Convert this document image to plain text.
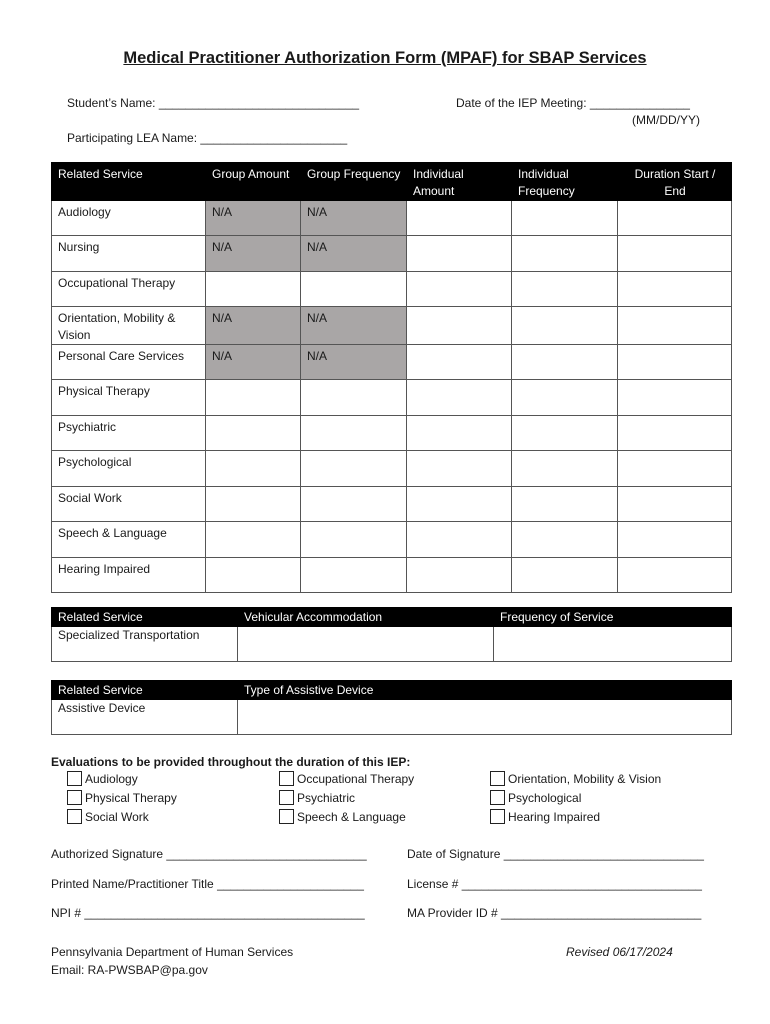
Medical Practitioner Authorization Form (MPAF) for SBAP Services
Student’s Name: ______________________________	Date of the IEP Meeting: _______________
(MM/DD/YY)
Participating LEA Name: ______________________
Related Service	Group Amount	Group Frequency	Individual Amount	Individual Frequency	Duration Start / End
Audiology	N/A	N/A			
Nursing	N/A	N/A			
Occupational Therapy					
Orientation, Mobility & Vision	N/A	N/A			
Personal Care Services	N/A	N/A			
Physical Therapy					
Psychiatric					
Psychological					
Social Work					
Speech & Language					
Hearing Impaired					
Related Service	Vehicular Accommodation	Frequency of Service
Specialized Transportation		
Related Service	Type of Assistive Device
Assistive Device	
Evaluations to be provided throughout the duration of this IEP:
Audiology
Physical Therapy
Social Work
Occupational Therapy
Psychiatric
Speech & Language
Orientation, Mobility & Vision
Psychological
Hearing Impaired
Authorized Signature ______________________________	Date of Signature ______________________________
Printed Name/Practitioner Title ______________________	License # ____________________________________
NPI # __________________________________________	MA Provider ID # ______________________________
Pennsylvania Department of Human Services
Email: RA-PWSBAP@pa.gov
Revised 06/17/2024
